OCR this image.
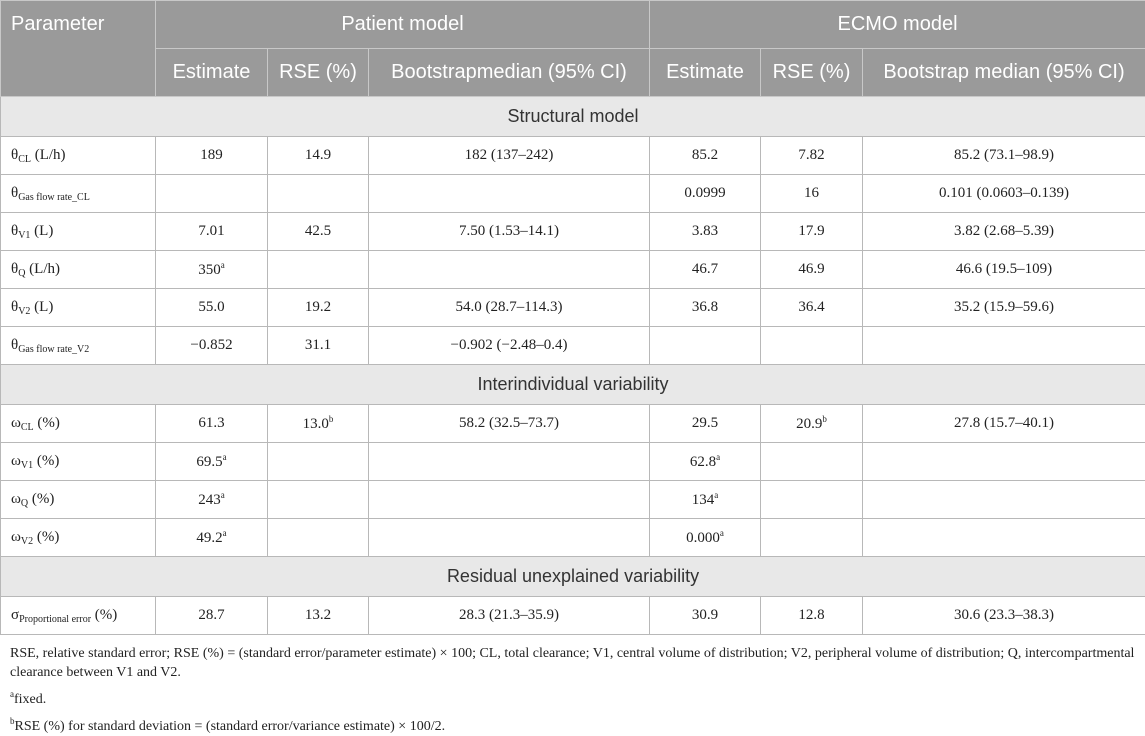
Parameter	Patient model			ECMO model		
	Estimate	RSE (%)	Bootstrapmedian (95% CI)	Estimate	RSE (%)	Bootstrap median (95% CI)
Structural model						
$\theta_{CL}$ (L/h)	189	14.9	182 (137–242)	85.2	7.82	85.2 (73.1–98.9)
$\theta_{Gas flow rate\_CL}$				0.0999	16	0.101 (0.0603–0.139)
$\theta_{V1}$ (L)	7.01	42.5	7.50 (1.53–14.1)	3.83	17.9	3.82 (2.68–5.39)
$\theta_Q$ (L/h)	350$^a$			46.7	46.9	46.6 (19.5–109)
$\theta_{V2}$ (L)	55.0	19.2	54.0 (28.7–114.3)	36.8	36.4	35.2 (15.9–59.6)
$\theta_{Gas flow rate\_V2}$	−0.852	31.1	−0.902 (−2.48–0.4)			
Interindividual variability						
$\omega_{CL}$ (%)	61.3	13.0$^b$	58.2 (32.5–73.7)	29.5	20.9$^b$	27.8 (15.7–40.1)
$\omega_{V1}$ (%)	69.5$^a$			62.8$^a$		
$\omega_Q$ (%)	243$^a$			134$^a$		
$\omega_{V2}$ (%)	49.2$^a$			0.000$^a$		
Residual unexplained variability						
$\sigma_{Proportional error}$ (%)	28.7	13.2	28.3 (21.3–35.9)	30.9	12.8	30.6 (23.3–38.3)

RSE, relative standard error; RSE (%) = (standard error/parameter estimate) × 100; CL, total clearance; V1, central volume of distribution; V2, peripheral volume of distribution; Q, intercompartmental clearance between V1 and V2.

$^a$fixed.

$^b$RSE (%) for standard deviation = (standard error/variance estimate) × 100/2.
